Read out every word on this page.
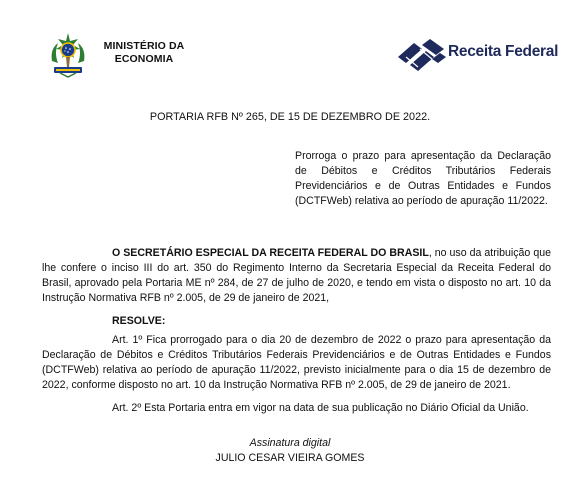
MINISTÉRIO DA
ECONOMIA	Receita Federal
PORTARIA RFB Nº 265, DE 15 DE DEZEMBRO DE 2022.
Prorroga o prazo para apresentação da Declaração de Débitos e Créditos Tributários Federais Previdenciários e de Outras Entidades e Fundos (DCTFWeb) relativa ao período de apuração 11/2022.
O SECRETÁRIO ESPECIAL DA RECEITA FEDERAL DO BRASIL, no uso da atribuição que lhe confere o inciso III do art. 350 do Regimento Interno da Secretaria Especial da Receita Federal do Brasil, aprovado pela Portaria ME nº 284, de 27 de julho de 2020, e tendo em vista o disposto no art. 10 da Instrução Normativa RFB nº 2.005, de 29 de janeiro de 2021,
RESOLVE:
Art. 1º Fica prorrogado para o dia 20 de dezembro de 2022 o prazo para apresentação da Declaração de Débitos e Créditos Tributários Federais Previdenciários e de Outras Entidades e Fundos (DCTFWeb) relativa ao período de apuração 11/2022, previsto inicialmente para o dia 15 de dezembro de 2022, conforme disposto no art. 10 da Instrução Normativa RFB nº 2.005, de 29 de janeiro de 2021.
Art. 2º Esta Portaria entra em vigor na data de sua publicação no Diário Oficial da União.
Assinatura digital
JULIO CESAR VIEIRA GOMES
